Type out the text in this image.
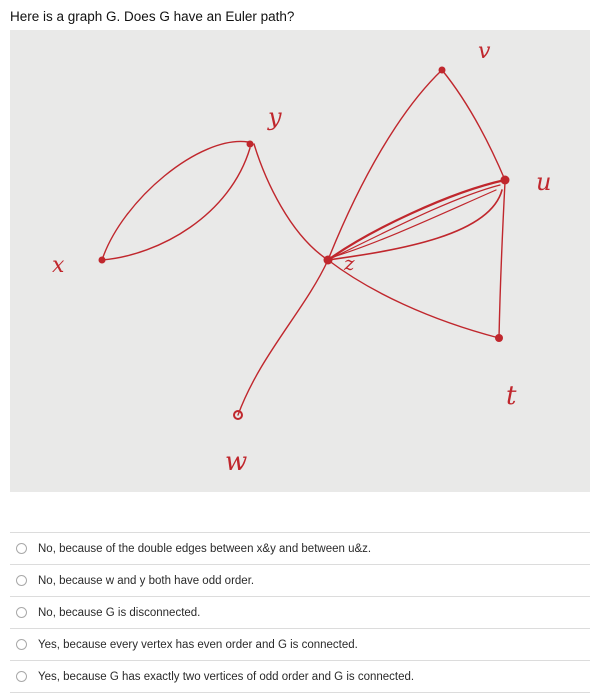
Here is a graph G. Does G have an Euler path?
x
y
z
v
u
t
w
No, because of the double edges between x&y and between u&z.
No, because w and y both have odd order.
No, because G is disconnected.
Yes, because every vertex has even order and G is connected.
Yes, because G has exactly two vertices of odd order and G is connected.
